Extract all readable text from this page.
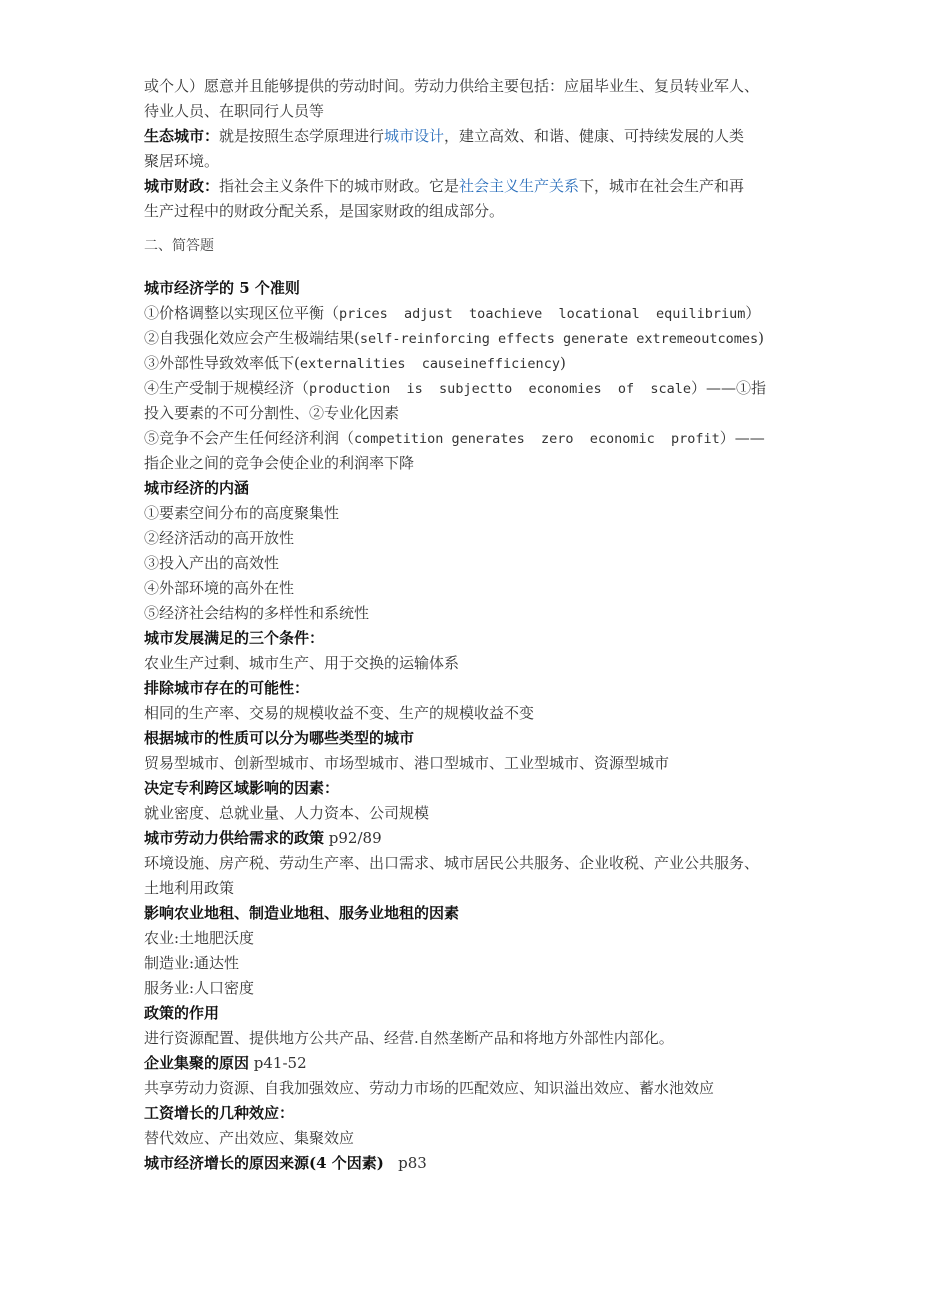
或个人）愿意并且能够提供的劳动时间。劳动力供给主要包括：应届毕业生、复员转业军人、
待业人员、在职同行人员等
生态城市：就是按照生态学原理进行城市设计，建立高效、和谐、健康、可持续发展的人类
聚居环境。
城市财政：指社会主义条件下的城市财政。它是社会主义生产关系下，城市在社会生产和再
生产过程中的财政分配关系，是国家财政的组成部分。
二、简答题
城市经济学的 5 个准则
①价格调整以实现区位平衡（prices  adjust  toachieve  locational  equilibrium）
②自我强化效应会产生极端结果(self-reinforcing effects generate extremeoutcomes)
③外部性导致效率低下(externalities  causeinefficiency)
④生产受制于规模经济（production  is  subjectto  economies  of  scale）——①指
投入要素的不可分割性、②专业化因素
⑤竞争不会产生任何经济利润（competition generates  zero  economic  profit）——
指企业之间的竞争会使企业的利润率下降
城市经济的内涵
①要素空间分布的高度聚集性
②经济活动的高开放性
③投入产出的高效性
④外部环境的高外在性
⑤经济社会结构的多样性和系统性
城市发展满足的三个条件：
农业生产过剩、城市生产、用于交换的运输体系
排除城市存在的可能性：
相同的生产率、交易的规模收益不变、生产的规模收益不变
根据城市的性质可以分为哪些类型的城市
贸易型城市、创新型城市、市场型城市、港口型城市、工业型城市、资源型城市
决定专利跨区域影响的因素：
就业密度、总就业量、人力资本、公司规模
城市劳动力供给需求的政策 p92/89
环境设施、房产税、劳动生产率、出口需求、城市居民公共服务、企业收税、产业公共服务、
土地利用政策
影响农业地租、制造业地租、服务业地租的因素
农业:土地肥沃度
制造业:通达性
服务业:人口密度
政策的作用
进行资源配置、提供地方公共产品、经营.自然垄断产品和将地方外部性内部化。
企业集聚的原因 p41-52
共享劳动力资源、自我加强效应、劳动力市场的匹配效应、知识溢出效应、蓄水池效应
工资增长的几种效应：
替代效应、产出效应、集聚效应
城市经济增长的原因来源(4 个因素)   p83
